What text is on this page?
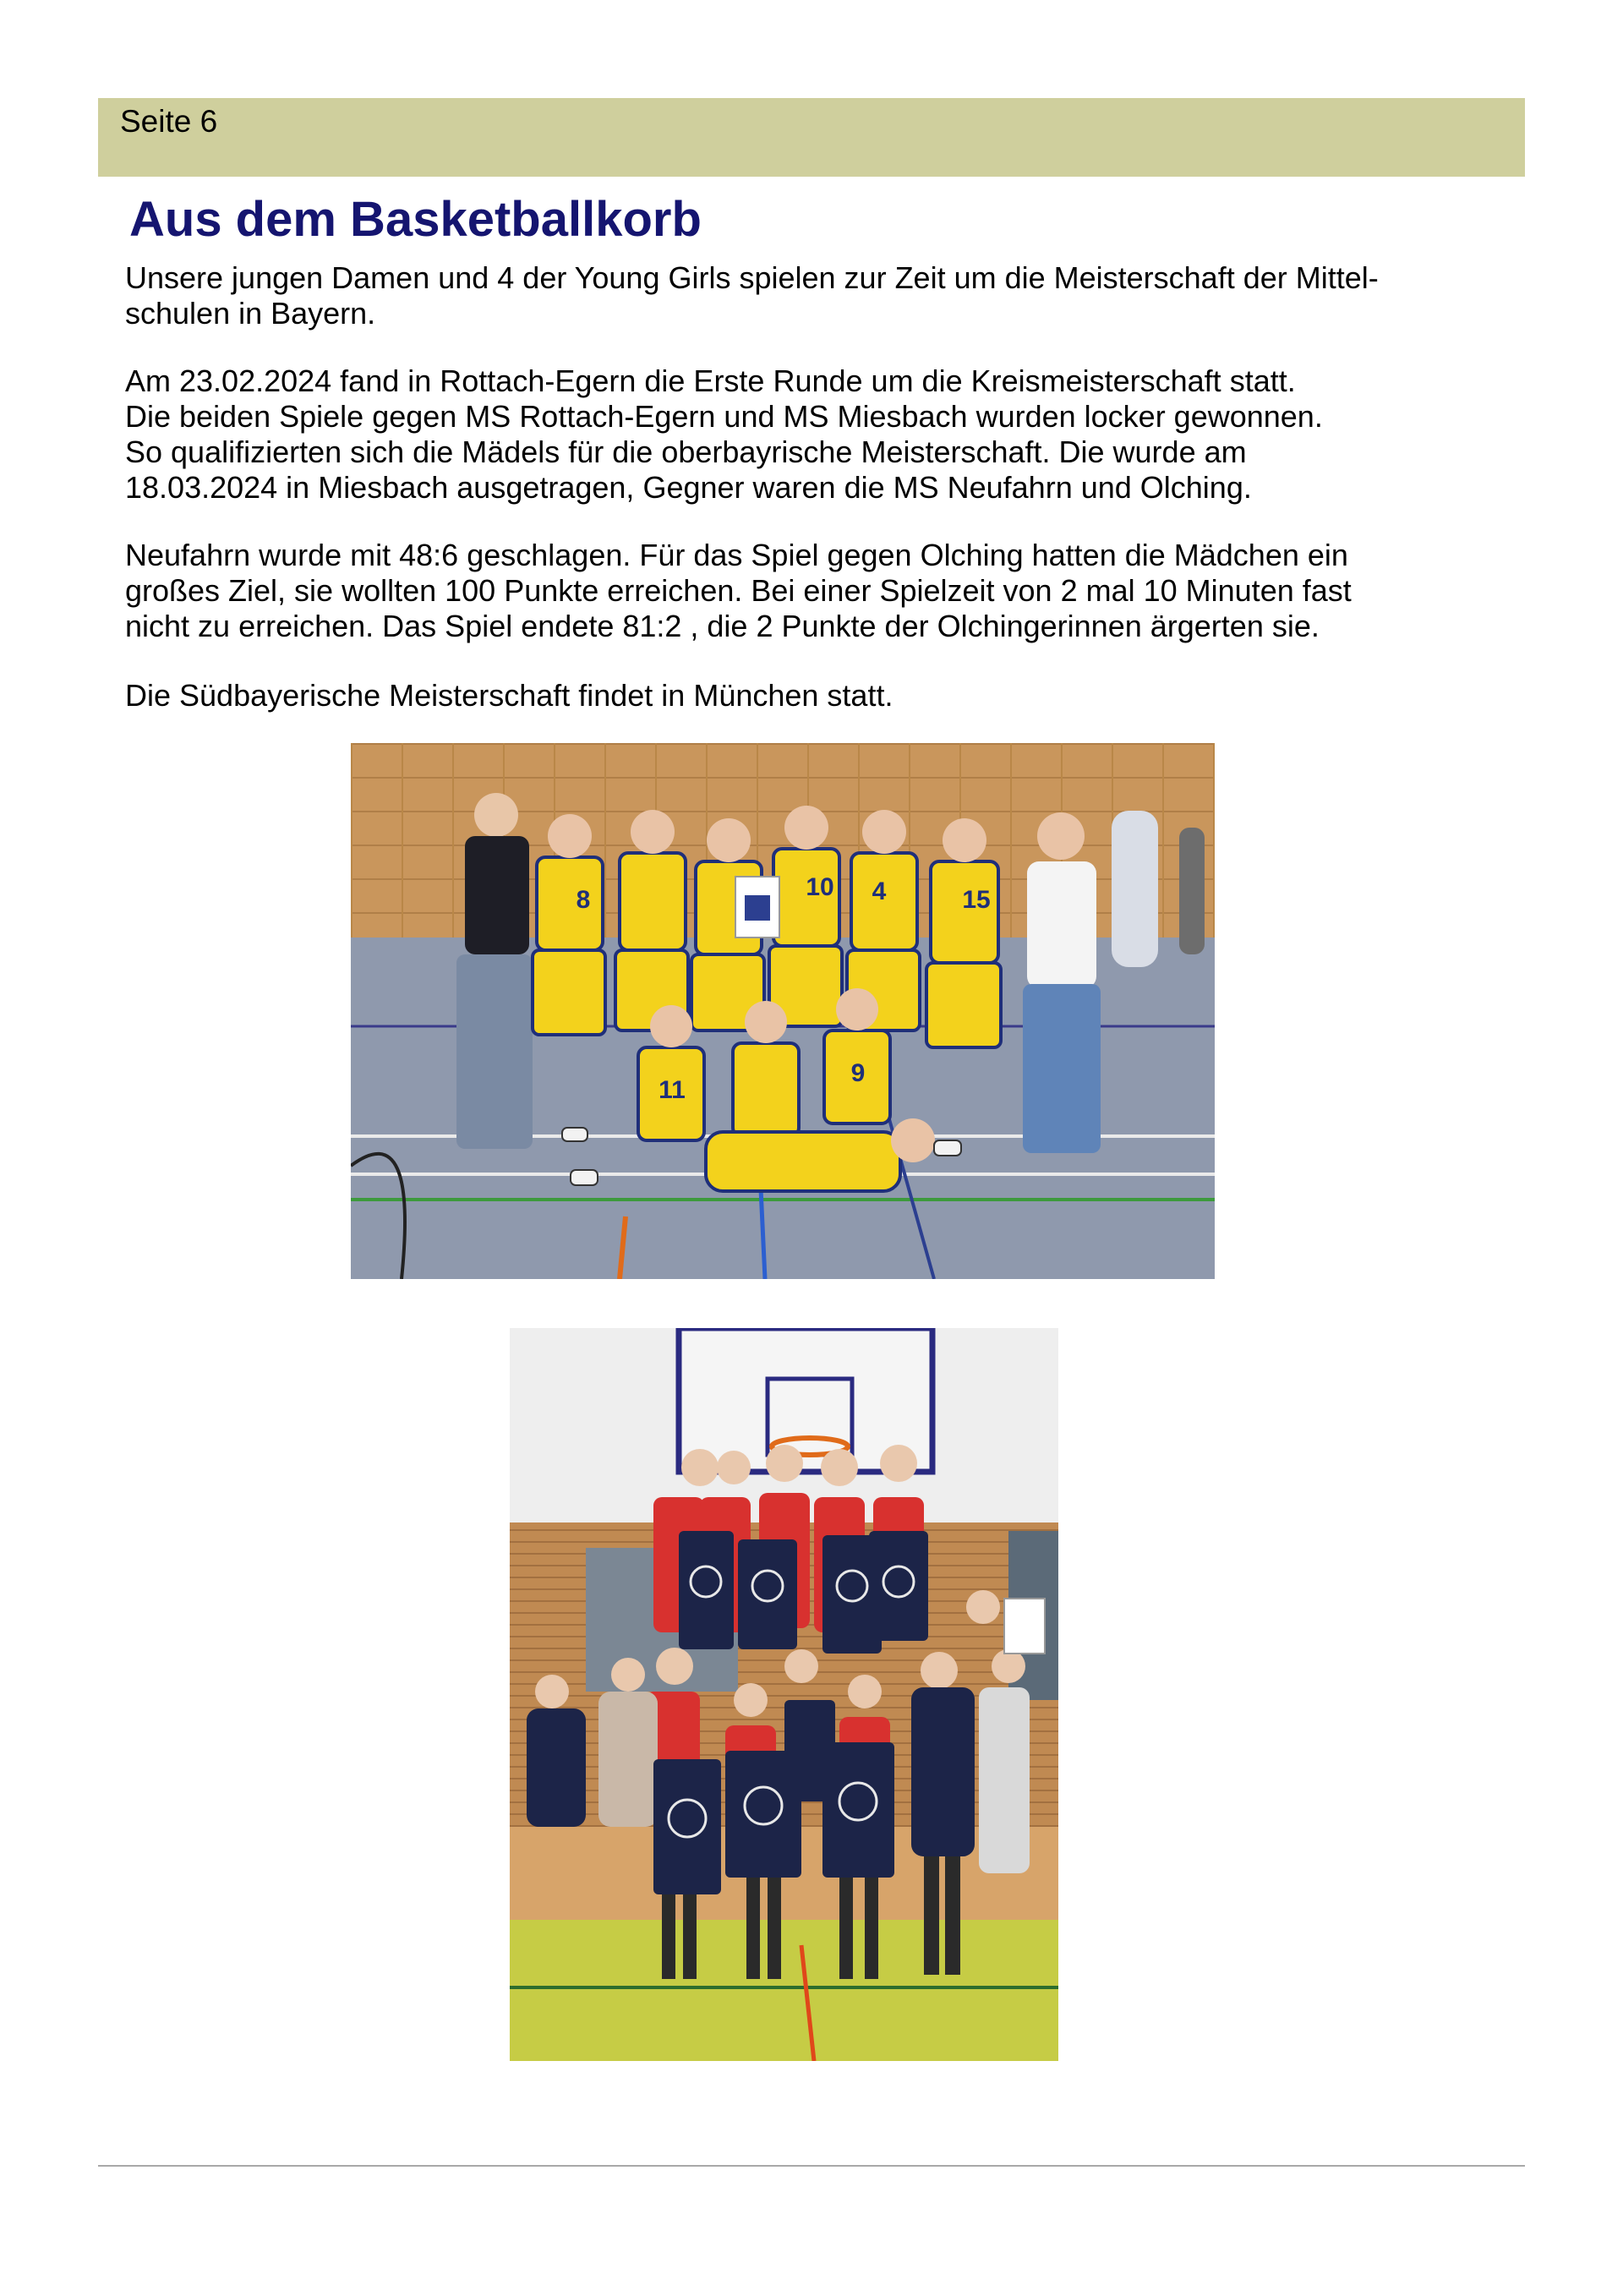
Seite 6
Aus dem Basketballkorb

Unsere jungen Damen und 4 der Young Girls spielen zur Zeit um die Meisterschaft der Mittel-
schulen in Bayern.

Am 23.02.2024 fand in Rottach-Egern die Erste Runde um die Kreismeisterschaft statt.
Die beiden Spiele gegen MS Rottach-Egern und MS Miesbach wurden locker gewonnen.
So qualifizierten sich die Mädels für die oberbayrische Meisterschaft. Die wurde am
18.03.2024 in Miesbach ausgetragen, Gegner waren die MS Neufahrn und Olching.

Neufahrn wurde mit 48:6 geschlagen. Für das Spiel gegen Olching hatten die Mädchen ein
großes Ziel, sie wollten 100 Punkte erreichen. Bei einer Spielzeit von 2 mal 10 Minuten fast
nicht zu erreichen. Das Spiel endete 81:2 , die 2 Punkte der Olchingerinnen ärgerten sie.

Die Südbayerische Meisterschaft findet in München statt.

8	10 4	15
11
9
